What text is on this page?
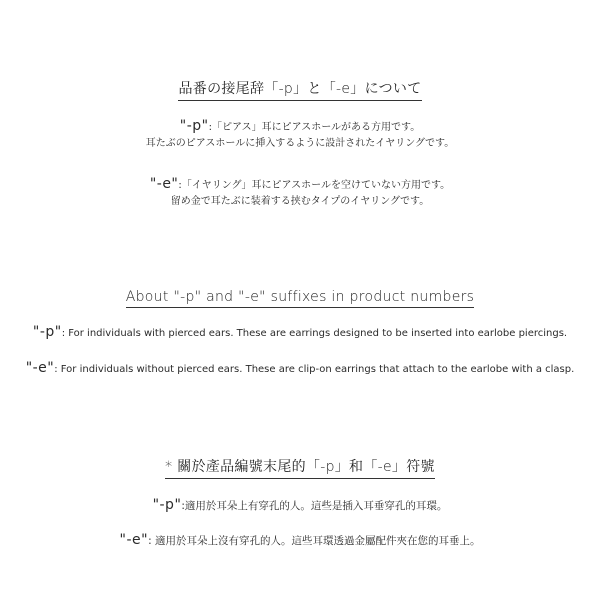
品番の接尾辞「-p」と「-e」について
"-p":「ピアス」耳にピアスホールがある方用です。
耳たぶのピアスホールに挿入するように設計されたイヤリングです。
"-e":「イヤリング」耳にピアスホールを空けていない方用です。
留め金で耳たぶに装着する挟むタイプのイヤリングです。
About "-p" and "-e" suffixes in product numbers
"-p": For individuals with pierced ears. These are earrings designed to be inserted into earlobe piercings.
"-e": For individuals without pierced ears. These are clip-on earrings that attach to the earlobe with a clasp.
* 關於產品編號末尾的「-p」和「-e」符號
"-p":適用於耳朵上有穿孔的人。這些是插入耳垂穿孔的耳環。
"-e": 適用於耳朵上沒有穿孔的人。這些耳環透過金屬配件夾在您的耳垂上。
